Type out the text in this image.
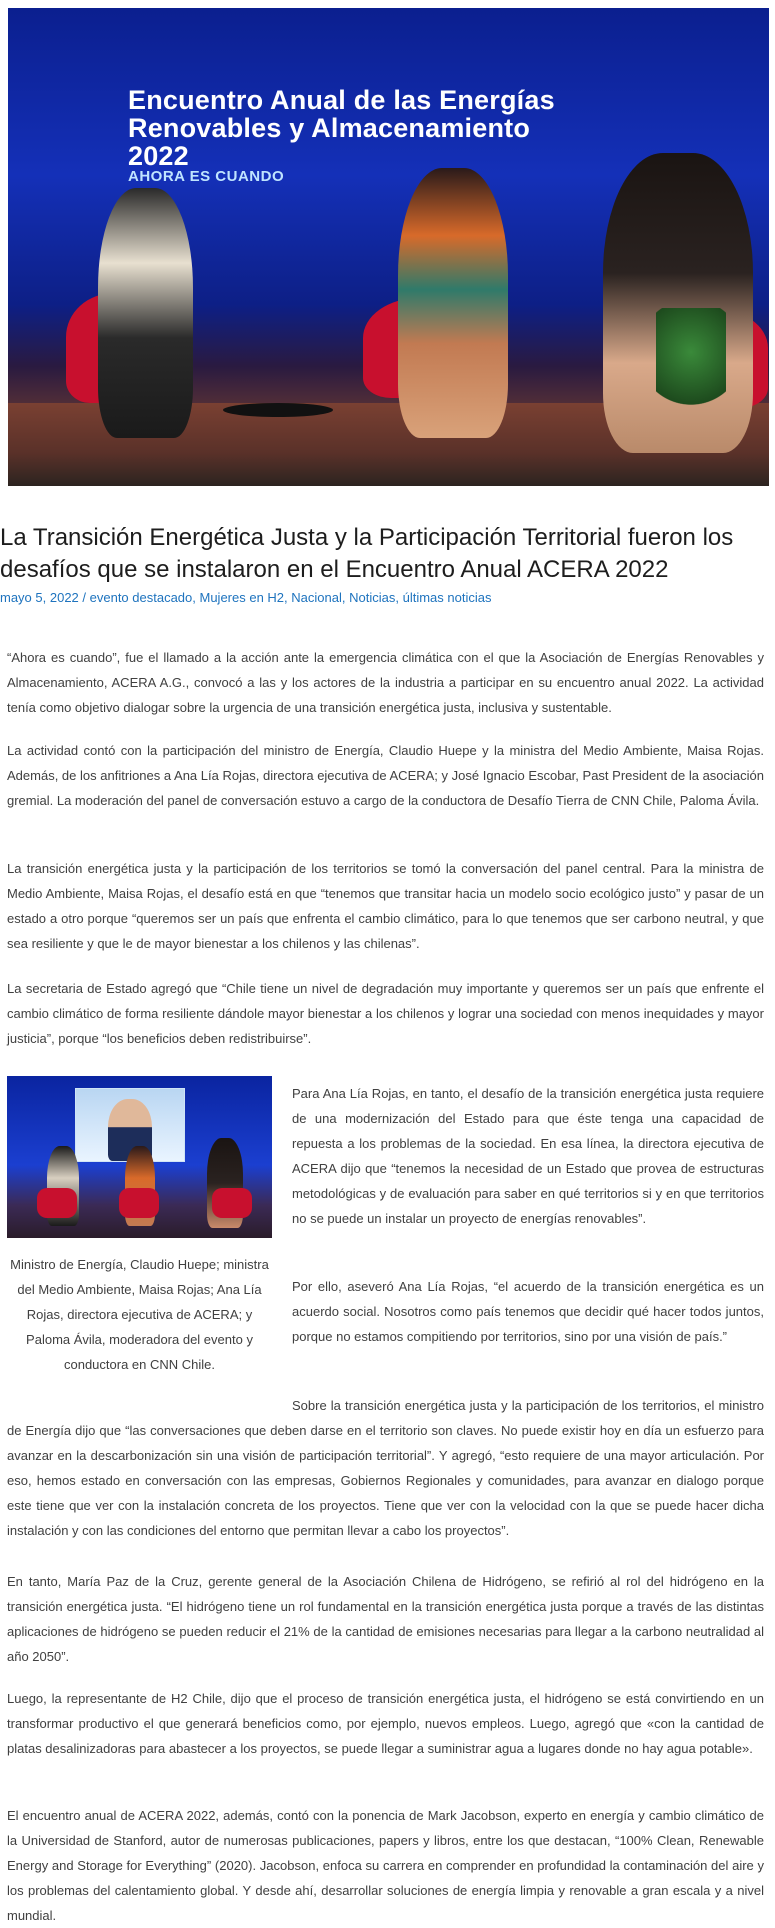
Encuentro Anual de las Energías Renovables y Almacenamiento 2022
AHORA ES CUANDO
La Transición Energética Justa y la Participación Territorial fueron los desafíos que se instalaron en el Encuentro Anual ACERA 2022
mayo 5, 2022 / evento destacado, Mujeres en H2, Nacional, Noticias, últimas noticias

“Ahora es cuando”, fue el llamado a la acción ante la emergencia climática con el que la Asociación de Energías Renovables y Almacenamiento, ACERA A.G., convocó a las y los actores de la industria a participar en su encuentro anual 2022. La actividad tenía como objetivo dialogar sobre la urgencia de una transición energética justa, inclusiva y sustentable.

La actividad contó con la participación del ministro de Energía, Claudio Huepe y la ministra del Medio Ambiente, Maisa Rojas. Además, de los anfitriones a Ana Lía Rojas, directora ejecutiva de ACERA; y José Ignacio Escobar, Past President de la asociación gremial. La moderación del panel de conversación estuvo a cargo de la conductora de Desafío Tierra de CNN Chile, Paloma Ávila.

La transición energética justa y la participación de los territorios se tomó la conversación del panel central. Para la ministra de Medio Ambiente, Maisa Rojas, el desafío está en que “tenemos que transitar hacia un modelo socio ecológico justo” y pasar de un estado a otro porque “queremos ser un país que enfrenta el cambio climático, para lo que tenemos que ser carbono neutral, y que sea resiliente y que le de mayor bienestar a los chilenos y las chilenas”.

La secretaria de Estado agregó que “Chile tiene un nivel de degradación muy importante y queremos ser un país que enfrente el cambio climático de forma resiliente dándole mayor bienestar a los chilenos y lograr una sociedad con menos inequidades y mayor justicia”, porque “los beneficios deben redistribuirse”.

Ministro de Energía, Claudio Huepe; ministra del Medio Ambiente, Maisa Rojas; Ana Lía Rojas, directora ejecutiva de ACERA; y Paloma Ávila, moderadora del evento y conductora en CNN Chile.

Para Ana Lía Rojas, en tanto, el desafío de la transición energética justa requiere de una modernización del Estado para que éste tenga una capacidad de repuesta a los problemas de la sociedad. En esa línea, la directora ejecutiva de ACERA dijo que “tenemos la necesidad de un Estado que provea de estructuras metodológicas y de evaluación para saber en qué territorios si y en que territorios no se puede un instalar un proyecto de energías renovables”.

Por ello, aseveró Ana Lía Rojas, “el acuerdo de la transición energética es un acuerdo social. Nosotros como país tenemos que decidir qué hacer todos juntos, porque no estamos compitiendo por territorios, sino por una visión de país.”

Sobre la transición energética justa y la participación de los territorios, el ministro de Energía dijo que “las conversaciones que deben darse en el territorio son claves. No puede existir hoy en día un esfuerzo para avanzar en la descarbonización sin una visión de participación territorial”. Y agregó, “esto requiere de una mayor articulación. Por eso, hemos estado en conversación con las empresas, Gobiernos Regionales y comunidades, para avanzar en dialogo porque este tiene que ver con la instalación concreta de los proyectos. Tiene que ver con la velocidad con la que se puede hacer dicha instalación y con las condiciones del entorno que permitan llevar a cabo los proyectos”.

En tanto, María Paz de la Cruz, gerente general de la Asociación Chilena de Hidrógeno, se refirió al rol del hidrógeno en la transición energética justa. “El hidrógeno tiene un rol fundamental en la transición energética justa porque a través de las distintas aplicaciones de hidrógeno se pueden reducir el 21% de la cantidad de emisiones necesarias para llegar a la carbono neutralidad al año 2050”.

Luego, la representante de H2 Chile, dijo que el proceso de transición energética justa, el hidrógeno se está convirtiendo en un transformar productivo el que generará beneficios como, por ejemplo, nuevos empleos. Luego, agregó que «con la cantidad de platas desalinizadoras para abastecer a los proyectos, se puede llegar a suministrar agua a lugares donde no hay agua potable».

El encuentro anual de ACERA 2022, además, contó con la ponencia de Mark Jacobson, experto en energía y cambio climático de la Universidad de Stanford, autor de numerosas publicaciones, papers y libros, entre los que destacan, “100% Clean, Renewable Energy and Storage for Everything” (2020). Jacobson, enfoca su carrera en comprender en profundidad la contaminación del aire y los problemas del calentamiento global. Y desde ahí, desarrollar soluciones de energía limpia y renovable a gran escala y a nivel mundial.
